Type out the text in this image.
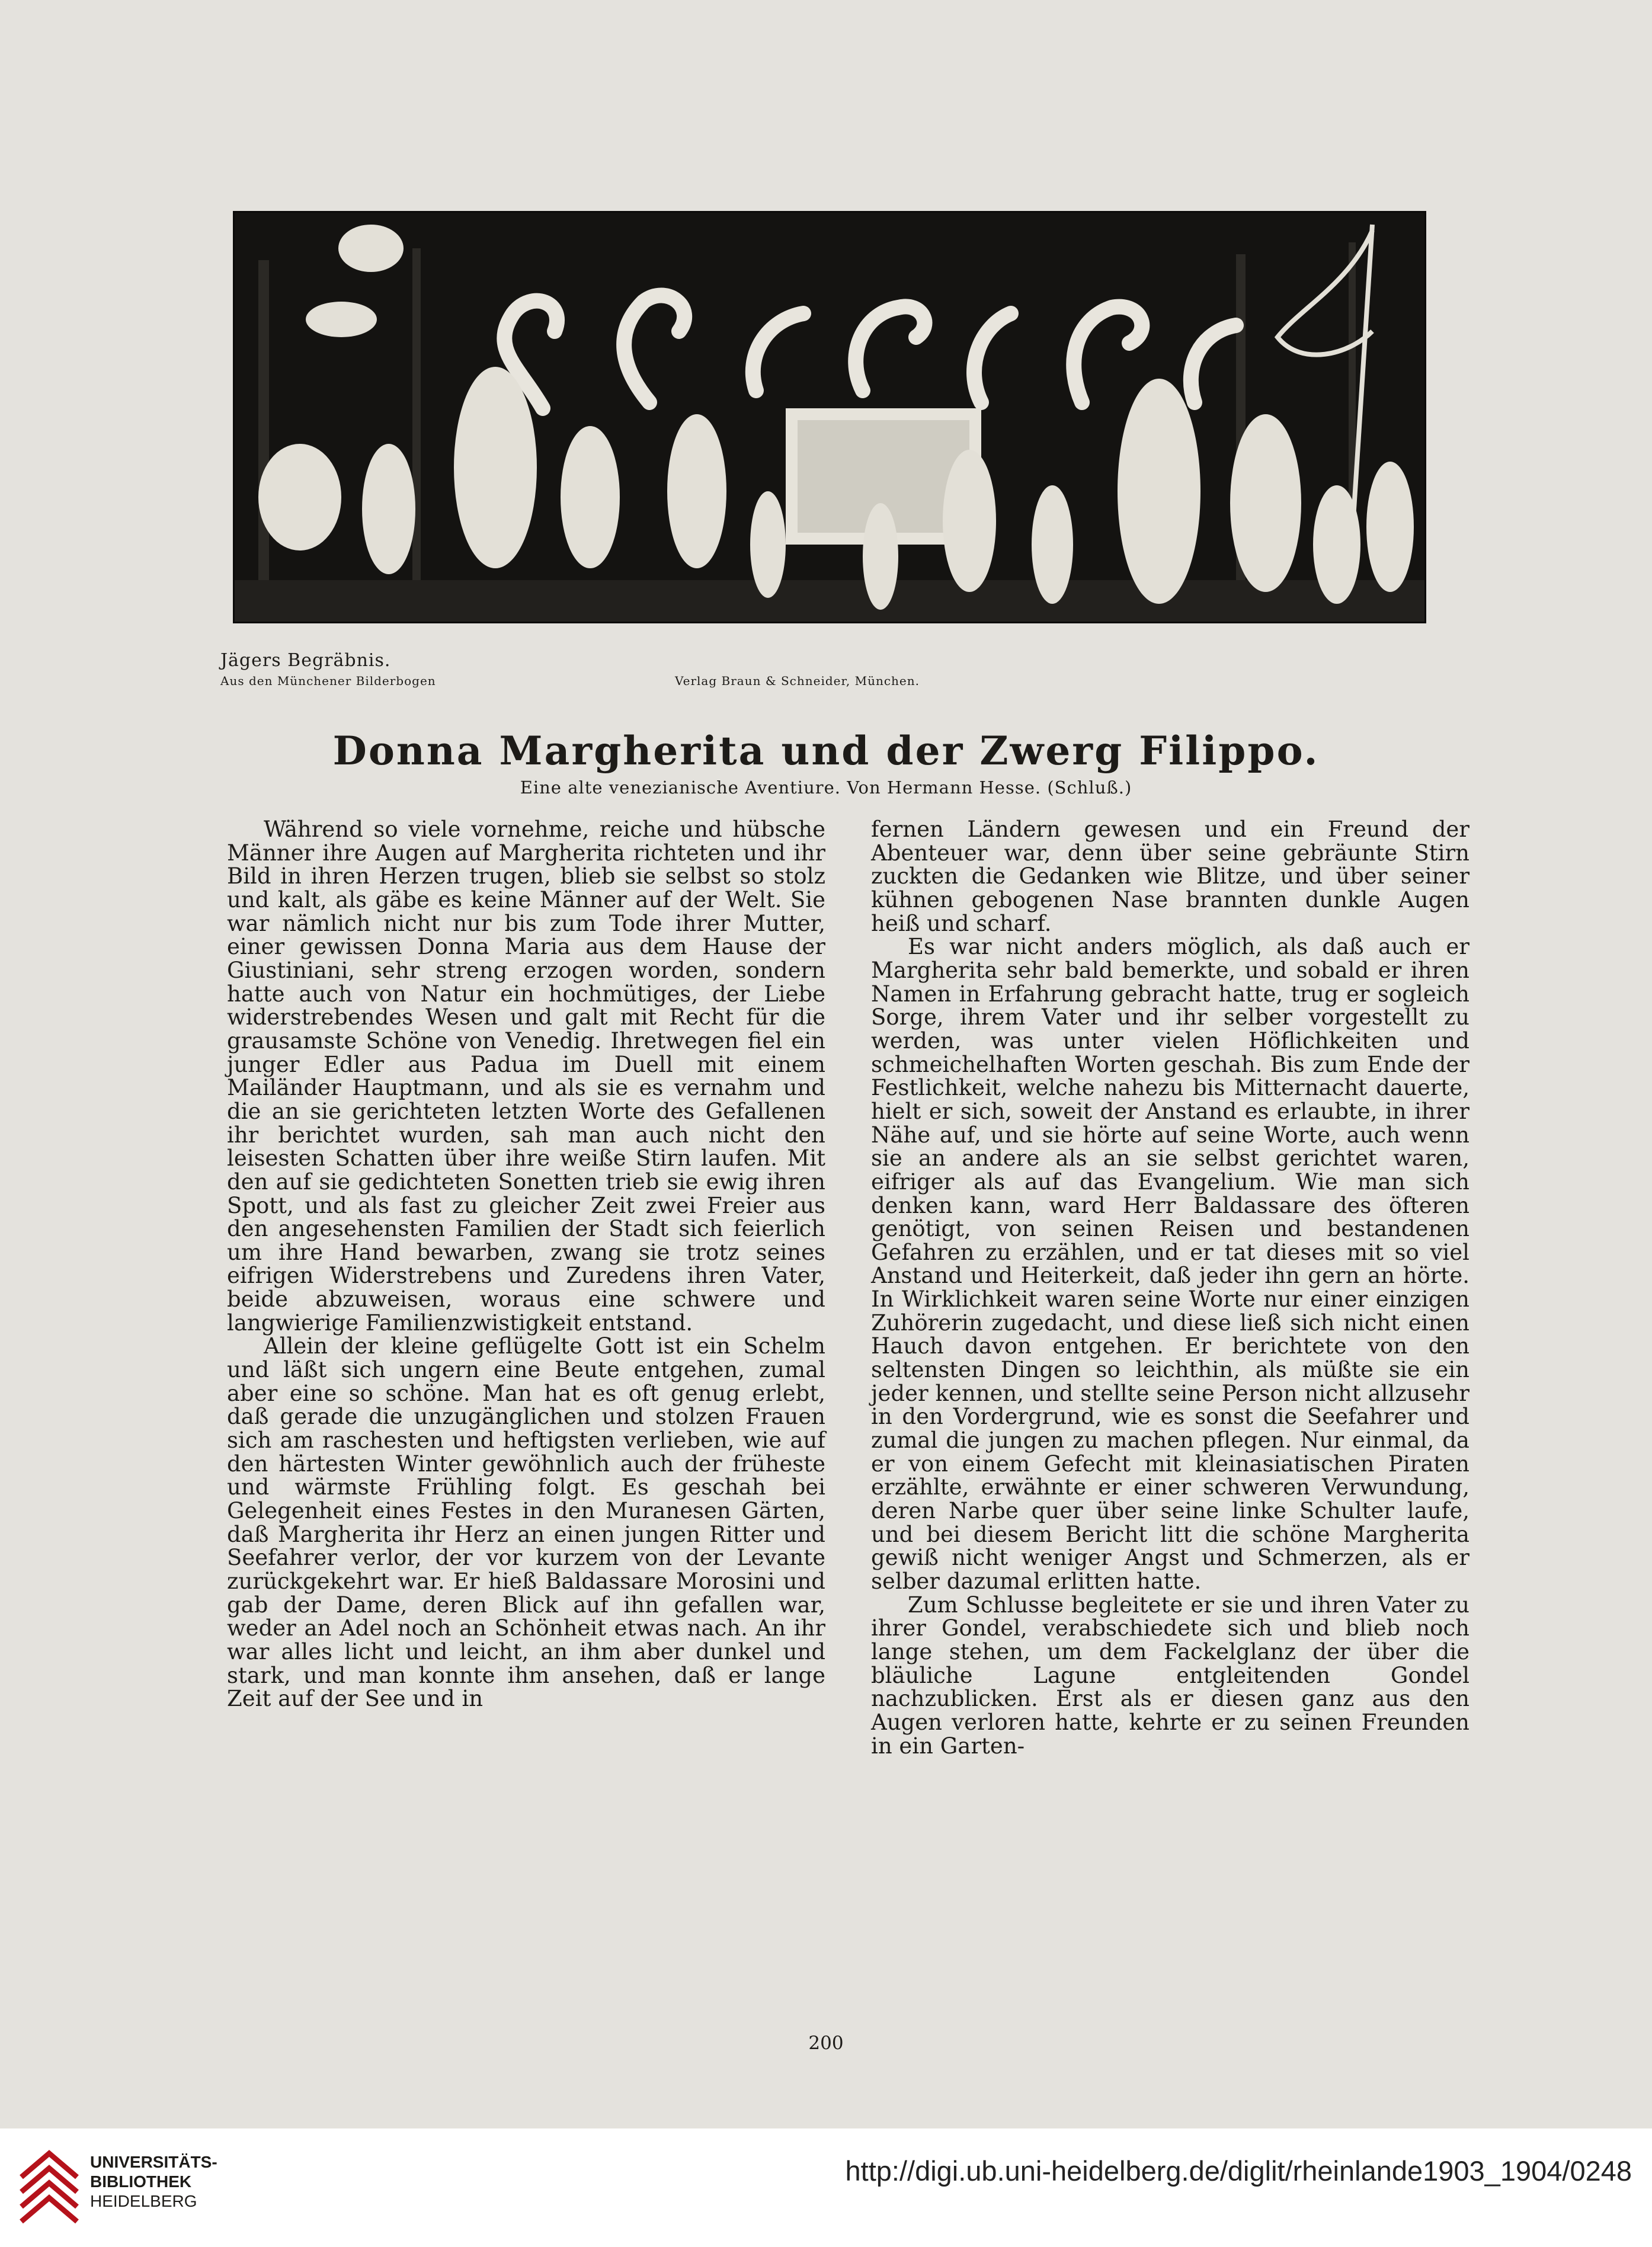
Jägers Begräbnis.
Aus den Münchener Bilderbogen	Verlag Braun & Schneider, München.
Donna Margherita und der Zwerg Filippo.
Eine alte venezianische Aventiure. Von Hermann Hesse. (Schluß.)

Während so viele vornehme, reiche und hübsche Männer ihre Augen auf Margherita richteten und ihr Bild in ihren Herzen trugen, blieb sie selbst so stolz und kalt, als gäbe es keine Männer auf der Welt. Sie war nämlich nicht nur bis zum Tode ihrer Mutter, einer gewissen Donna Maria aus dem Hause der Giustiniani, sehr streng erzogen worden, sondern hatte auch von Natur ein hochmütiges, der Liebe widerstrebendes Wesen und galt mit Recht für die grausamste Schöne von Venedig. Ihretwegen fiel ein junger Edler aus Padua im Duell mit einem Mailänder Hauptmann, und als sie es vernahm und die an sie gerichteten letzten Worte des Gefallenen ihr berichtet wurden, sah man auch nicht den leisesten Schatten über ihre weiße Stirn laufen. Mit den auf sie gedichteten Sonetten trieb sie ewig ihren Spott, und als fast zu gleicher Zeit zwei Freier aus den angesehensten Familien der Stadt sich feierlich um ihre Hand bewarben, zwang sie trotz seines eifrigen Widerstrebens und Zuredens ihren Vater, beide abzuweisen, woraus eine schwere und langwierige Familienzwistigkeit entstand.

Allein der kleine geflügelte Gott ist ein Schelm und läßt sich ungern eine Beute entgehen, zumal aber eine so schöne. Man hat es oft genug erlebt, daß gerade die unzugänglichen und stolzen Frauen sich am raschesten und heftigsten verlieben, wie auf den härtesten Winter gewöhnlich auch der früheste und wärmste Frühling folgt. Es geschah bei Gelegenheit eines Festes in den Muranesen Gärten, daß Margherita ihr Herz an einen jungen Ritter und Seefahrer verlor, der vor kurzem von der Levante zurückgekehrt war. Er hieß Baldassare Morosini und gab der Dame, deren Blick auf ihn gefallen war, weder an Adel noch an Schönheit etwas nach. An ihr war alles licht und leicht, an ihm aber dunkel und stark, und man konnte ihm ansehen, daß er lange Zeit auf der See und in

fernen Ländern gewesen und ein Freund der Abenteuer war, denn über seine gebräunte Stirn zuckten die Gedanken wie Blitze, und über seiner kühnen gebogenen Nase brannten dunkle Augen heiß und scharf.

Es war nicht anders möglich, als daß auch er Margherita sehr bald bemerkte, und sobald er ihren Namen in Erfahrung gebracht hatte, trug er sogleich Sorge, ihrem Vater und ihr selber vorgestellt zu werden, was unter vielen Höflichkeiten und schmeichelhaften Worten geschah. Bis zum Ende der Festlichkeit, welche nahezu bis Mitternacht dauerte, hielt er sich, soweit der Anstand es erlaubte, in ihrer Nähe auf, und sie hörte auf seine Worte, auch wenn sie an andere als an sie selbst gerichtet waren, eifriger als auf das Evangelium. Wie man sich denken kann, ward Herr Baldassare des öfteren genötigt, von seinen Reisen und bestandenen Gefahren zu erzählen, und er tat dieses mit so viel Anstand und Heiterkeit, daß jeder ihn gern an hörte. In Wirklichkeit waren seine Worte nur einer einzigen Zuhörerin zugedacht, und diese ließ sich nicht einen Hauch davon entgehen. Er berichtete von den seltensten Dingen so leichthin, als müßte sie ein jeder kennen, und stellte seine Person nicht allzusehr in den Vordergrund, wie es sonst die Seefahrer und zumal die jungen zu machen pflegen. Nur einmal, da er von einem Gefecht mit kleinasiatischen Piraten erzählte, erwähnte er einer schweren Verwundung, deren Narbe quer über seine linke Schulter laufe, und bei diesem Bericht litt die schöne Margherita gewiß nicht weniger Angst und Schmerzen, als er selber dazumal erlitten hatte.

Zum Schlusse begleitete er sie und ihren Vater zu ihrer Gondel, verabschiedete sich und blieb noch lange stehen, um dem Fackelglanz der über die bläuliche Lagune entgleitenden Gondel nachzublicken. Erst als er diesen ganz aus den Augen verloren hatte, kehrte er zu seinen Freunden in ein Garten-

200
UNIVERSITÄTS-
BIBLIOTHEK
HEIDELBERG
http://digi.ub.uni-heidelberg.de/diglit/rheinlande1903_1904/0248
